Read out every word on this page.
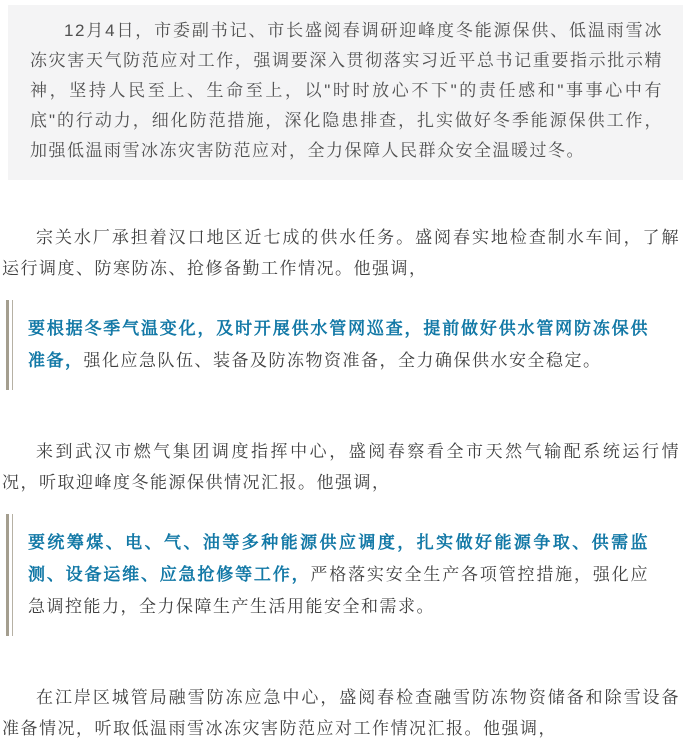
12月4日，市委副书记、市长盛阅春调研迎峰度冬能源保供、低温雨雪冰冻灾害天气防范应对工作，强调要深入贯彻落实习近平总书记重要指示批示精神，坚持人民至上、生命至上，以"时时放心不下"的责任感和"事事心中有底"的行动力，细化防范措施，深化隐患排查，扎实做好冬季能源保供工作，加强低温雨雪冰冻灾害防范应对，全力保障人民群众安全温暖过冬。

宗关水厂承担着汉口地区近七成的供水任务。盛阅春实地检查制水车间，了解运行调度、防寒防冻、抢修备勤工作情况。他强调，

要根据冬季气温变化，及时开展供水管网巡查，提前做好供水管网防冻保供准备，强化应急队伍、装备及防冻物资准备，全力确保供水安全稳定。

来到武汉市燃气集团调度指挥中心，盛阅春察看全市天然气输配系统运行情况，听取迎峰度冬能源保供情况汇报。他强调，

要统筹煤、电、气、油等多种能源供应调度，扎实做好能源争取、供需监测、设备运维、应急抢修等工作，严格落实安全生产各项管控措施，强化应急调控能力，全力保障生产生活用能安全和需求。

在江岸区城管局融雪防冻应急中心，盛阅春检查融雪防冻物资储备和除雪设备准备情况，听取低温雨雪冰冻灾害防范应对工作情况汇报。他强调，
